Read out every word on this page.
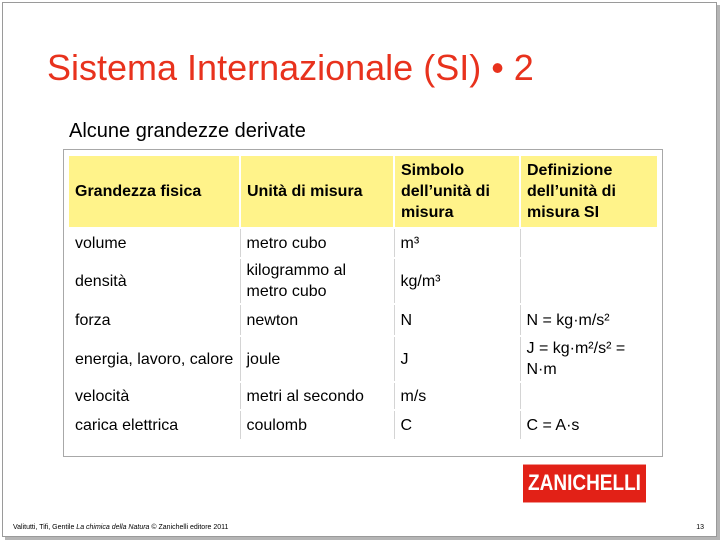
Sistema Internazionale (SI) • 2
Alcune grandezze derivate
Grandezza fisica	Unità di misura	Simbolo dell’unità di misura	Definizione dell’unità di misura SI
volume	metro cubo	m³	
densità	kilogrammo al metro cubo	kg/m³	
forza	newton	N	N = kg·m/s²
energia, lavoro, calore	joule	J	J = kg·m²/s² = N·m
velocità	metri al secondo	m/s	
carica elettrica	coulomb	C	C = A·s
ZANICHELLI
Valitutti, Tifi, Gentile La chimica della Natura © Zanichelli editore 2011	13
